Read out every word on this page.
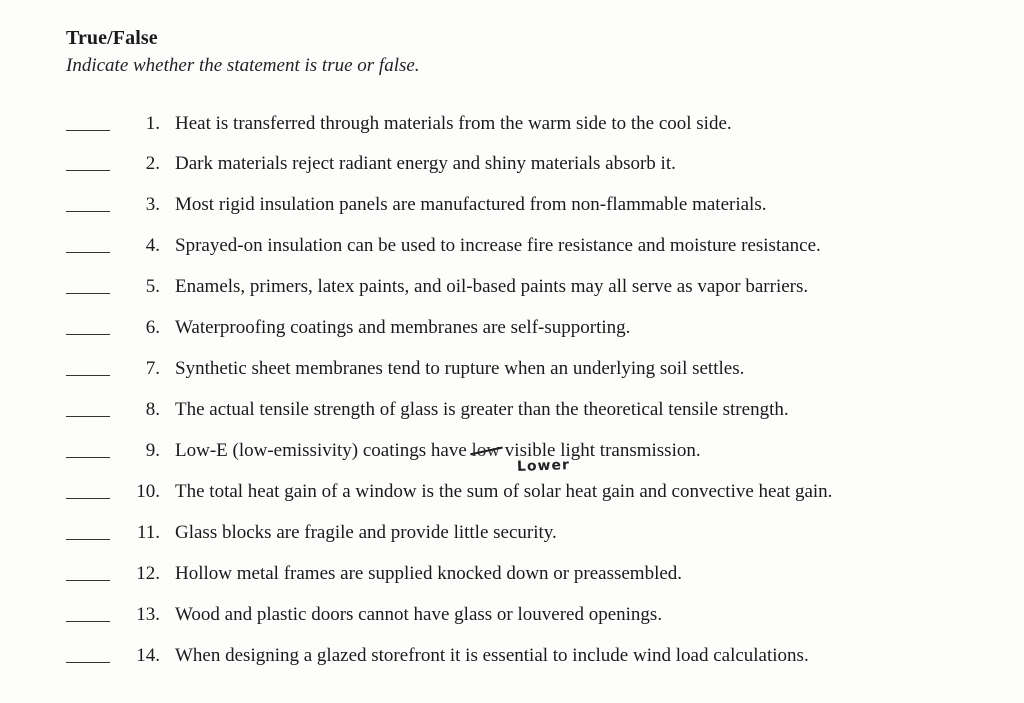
True/False
Indicate whether the statement is true or false.
1. Heat is transferred through materials from the warm side to the cool side.
2. Dark materials reject radiant energy and shiny materials absorb it.
3. Most rigid insulation panels are manufactured from non-flammable materials.
4. Sprayed-on insulation can be used to increase fire resistance and moisture resistance.
5. Enamels, primers, latex paints, and oil-based paints may all serve as vapor barriers.
6. Waterproofing coatings and membranes are self-supporting.
7. Synthetic sheet membranes tend to rupture when an underlying soil settles.
8. The actual tensile strength of glass is greater than the theoretical tensile strength.
9. Low-E (low-emissivity) coatings have low visible light transmission.
Lower
10. The total heat gain of a window is the sum of solar heat gain and convective heat gain.
11. Glass blocks are fragile and provide little security.
12. Hollow metal frames are supplied knocked down or preassembled.
13. Wood and plastic doors cannot have glass or louvered openings.
14. When designing a glazed storefront it is essential to include wind load calculations.
